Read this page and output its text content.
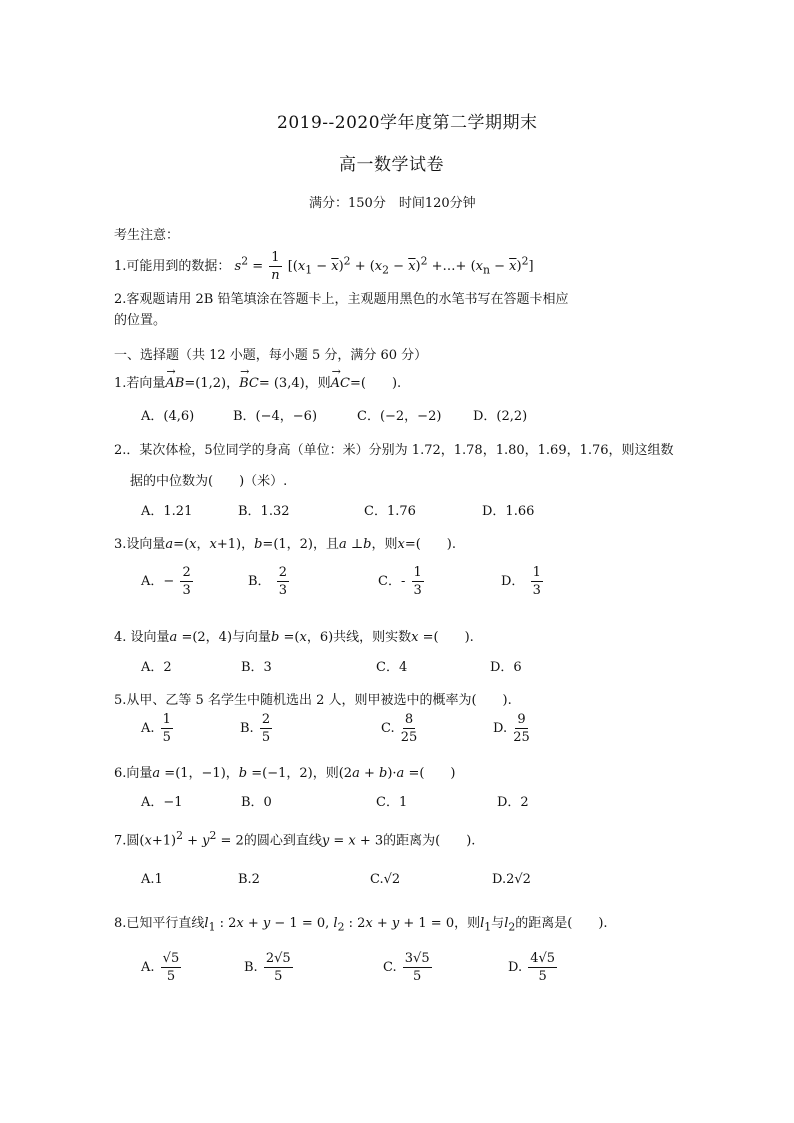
2019--2020学年度第二学期期末
高一数学试卷
满分：150分　时间120分钟
考生注意：
1.可能用到的数据： $s^2 = \frac{1}{n} [(x_1 - \overline{x})^2 + (x_2 - \overline{x})^2$ +…+ $(x_n - \overline{x})^2$]
2.客观题请用 2B 铅笔填涂在答题卡上，主观题用黑色的水笔书写在答题卡相应
的位置。
一、选择题（共 12 小题，每小题 5 分，满分 60 分）
1.若向量→ AB=(1,2)，→ BC= (3,4)，则→ AC=(　　).
A．(4,6)	B．(−4，−6)	C．(−2，−2) D．(2,2)
2.．某次体检，5位同学的身高（单位：米）分别为 1.72，1.78，1.80，1.69，1.76，则这组数
据的中位数为(　　)（米）.
A．1.21	B．1.32	C．1.76	D．1.66
3.设向量a=(x，x+1)，b=(1，2)，且a ⊥b，则x=(　　).
A．− $\frac{2}{3}$	B． $\frac{2}{3}$	C．- $\frac{1}{3}$	D． $\frac{1}{3}$
4. 设向量a =(2，4)与向量b =(x，6)共线，则实数x =(　　).
A．2	B．3	C．4	D．6
5.从甲、乙等 5 名学生中随机选出 2 人，则甲被选中的概率为(　　).
A. $\frac{1}{5}$	B. $\frac{2}{5}$	C. $\frac{8}{25}$	D. $\frac{9}{25}$
6.向量a =(1，−1)，b =(−1，2)，则(2a + b)·a =(　　)
A．−1	B．0	C．1	D．2
7.圆$(x+1)^2 + y^2 = 2$的圆心到直线y = x + 3的距离为(　　).
A.1	B.2	C.√2	D.2√2
8.已知平行直线$l_1$ : 2x + y − 1 = 0, $l_2$ : 2x + y + 1 = 0，则$l_1$与$l_2$的距离是(　　).
A. $\frac{√5}{5}$	B. $\frac{2√5}{5}$	C. $\frac{3√5}{5}$	D. $\frac{4√5}{5}$
